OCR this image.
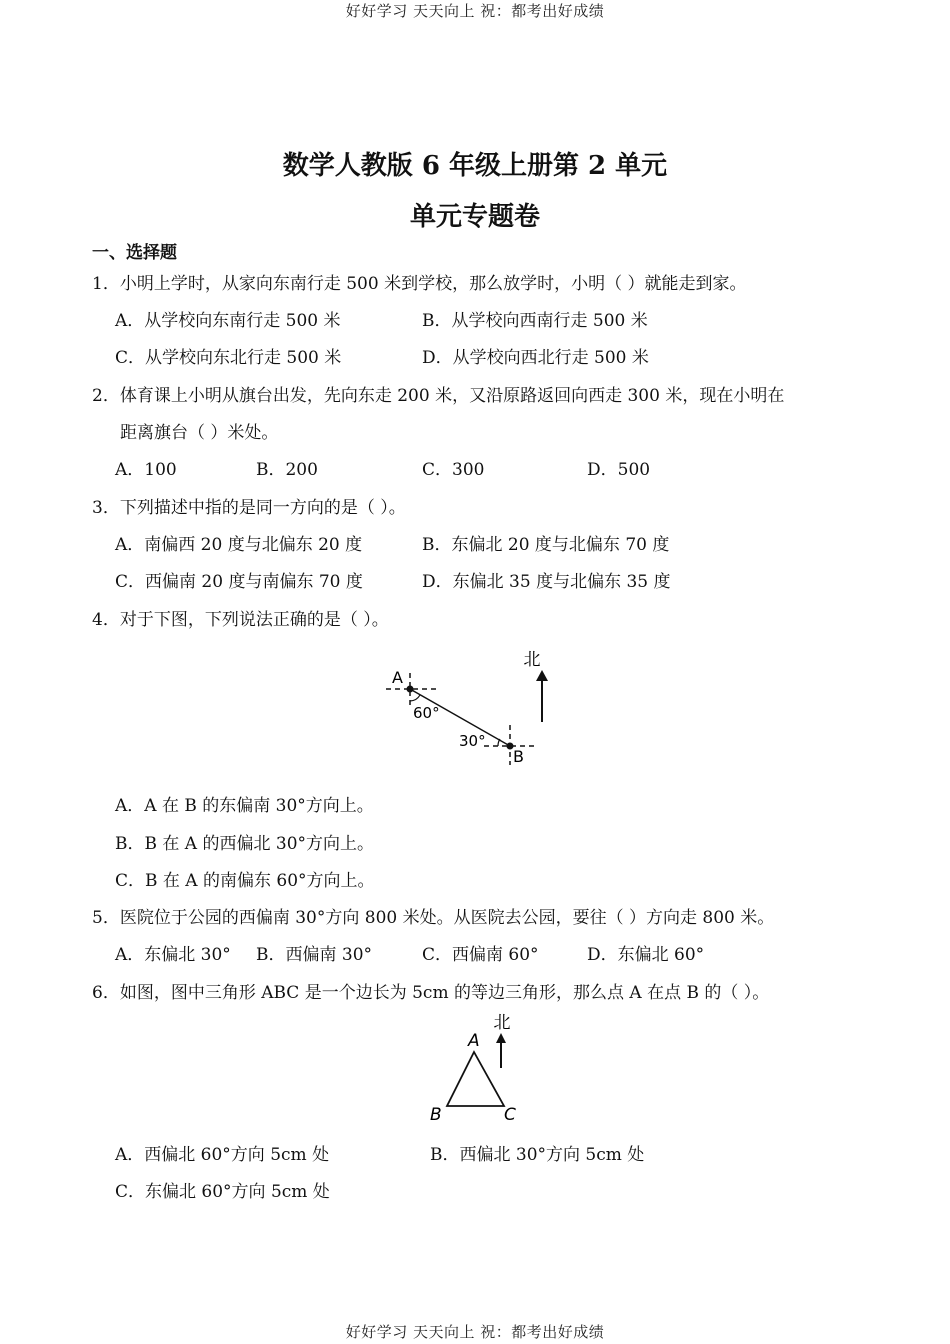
好好学习 天天向上 祝：都考出好成绩
数学人教版 6 年级上册第 2 单元
单元专题卷
一、选择题
1．小明上学时，从家向东南行走 500 米到学校，那么放学时，小明（ ）就能走到家。
A．从学校向东南行走 500 米	B．从学校向西南行走 500 米
C．从学校向东北行走 500 米	D．从学校向西北行走 500 米
2．体育课上小明从旗台出发，先向东走 200 米，又沿原路返回向西走 300 米，现在小明在
距离旗台（ ）米处。
A．100	B．200	C．300	D．500
3．下列描述中指的是同一方向的是（ ）。
A．南偏西 20 度与北偏东 20 度	B．东偏北 20 度与北偏东 70 度
C．西偏南 20 度与南偏东 70 度	D．东偏北 35 度与北偏东 35 度
4．对于下图，下列说法正确的是（ ）。
北
A
60°
30°
B
A．A 在 B 的东偏南 30°方向上。
B．B 在 A 的西偏北 30°方向上。
C．B 在 A 的南偏东 60°方向上。
5．医院位于公园的西偏南 30°方向 800 米处。从医院去公园，要往（ ）方向走 800 米。
A．东偏北 30° B．西偏南 30°	C．西偏南 60°	D．东偏北 60°
6．如图，图中三角形 ABC 是一个边长为 5cm 的等边三角形，那么点 A 在点 B 的（ ）。
北
A
B	C
A．西偏北 60°方向 5cm 处	B．西偏北 30°方向 5cm 处
C．东偏北 60°方向 5cm 处
好好学习 天天向上 祝：都考出好成绩
